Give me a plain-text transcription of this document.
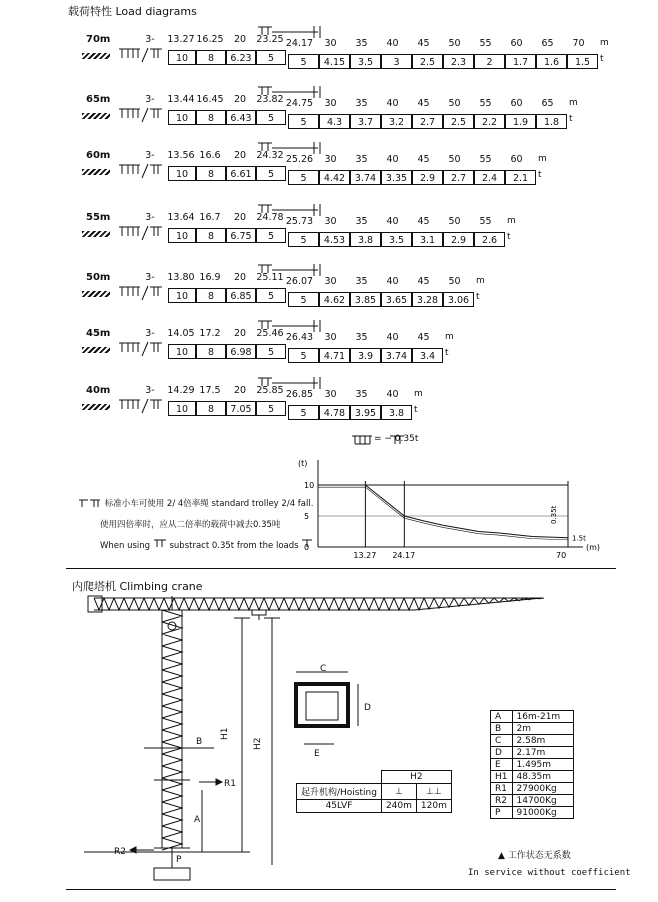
载荷特性 Load diagrams
70m	3-	13.27 16.25	20	23.25
10	8	6.23	5
24.17	30	35	40	45	50	55	60	65	70
5	4.15	3.5	3	2.5	2.3	2	1.7	1.6	1.5
m
t
65m	3-	13.44 16.45	20	23.82
10	8	6.43	5
24.75	30	35	40	45	50	55	60	65
5	4.3	3.7	3.2	2.7	2.5	2.2	1.9	1.8
m
t
60m	3-	13.56 16.6	20	24.32
10	8	6.61	5
25.26	30	35	40	45	50	55	60
5	4.42	3.74	3.35	2.9	2.7	2.4	2.1
m
t
55m	3-	13.64 16.7	20	24.78
10	8	6.75	5
25.73	30	35	40	45	50	55
5	4.53	3.8	3.5	3.1	2.9	2.6
m
t
50m	3-	13.80 16.9	20	25.11
10	8	6.85	5
26.07	30	35	40	45	50
5	4.62	3.85	3.65	3.28	3.06
m
t
45m	3-	14.05 17.2	20	25.46
10	8	6.98	5
26.43	30	35	40	45
5	4.71	3.9	3.74	3.4
m
t
40m	3-	14.29 17.5	20	25.85
10	8	7.05	5
26.85	30	35	40
5	4.78	3.95	3.8
m
t
= − 0.35t
标准小车可使用 2/ 4倍率绳 standard trolley 2/4 fall.
使用四倍率时，应从二倍率的载荷中减去0.35吨
When using substract 0.35t from the loads
(t)
(m)
10
5
0
13.27 24.17	70
0.35t
1.5t
内爬塔机 Climbing crane
H1
H2
R1
R2
A
B
P
C
D
E
	H2	
起升机构/Hoisting	⊥	⊥⊥
45LVF	240m	120m
A	16m-21m
B	2m
C	2.58m
D	2.17m
E	1.495m
H1	48.35m
R1	27900Kg
R2	14700Kg
P	91000Kg
▲ 工作状态无系数
In service without coefficient
